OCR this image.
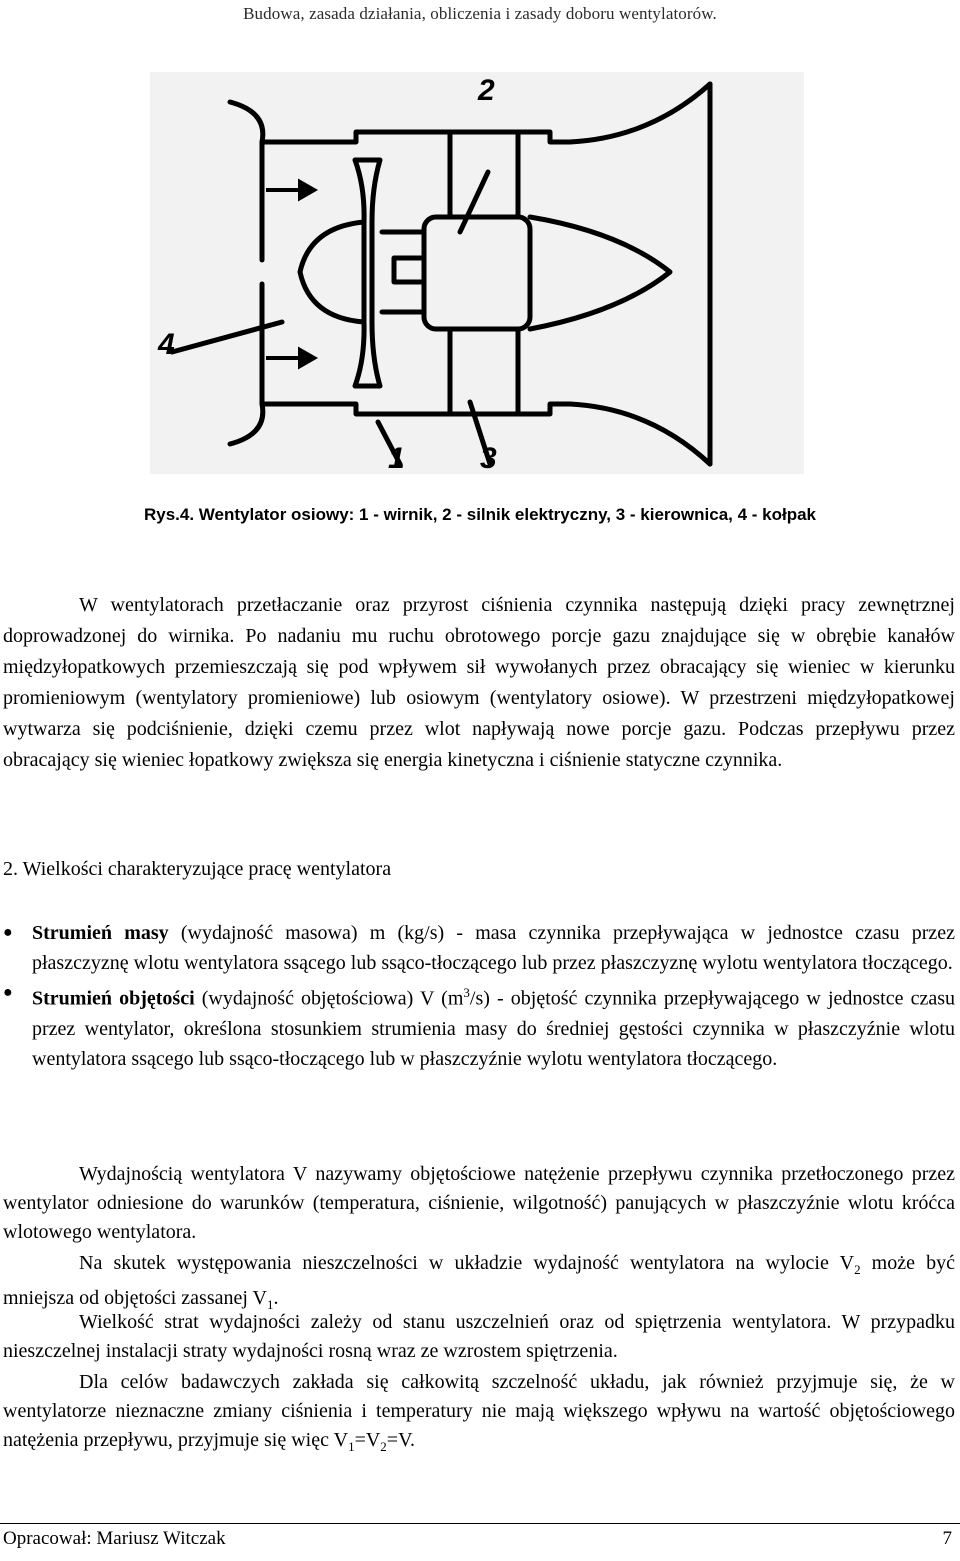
Budowa, zasada działania, obliczenia i zasady doboru wentylatorów.
2
4
1	3
Rys.4. Wentylator osiowy: 1 - wirnik, 2 - silnik elektryczny, 3 - kierownica, 4 - kołpak
W wentylatorach przetłaczanie oraz przyrost ciśnienia czynnika następują dzięki pracy zewnętrznej doprowadzonej do wirnika. Po nadaniu mu ruchu obrotowego porcje gazu znajdujące się w obrębie kanałów międzyłopatkowych przemieszczają się pod wpływem sił wywołanych przez obracający się wieniec w kierunku promieniowym (wentylatory promieniowe) lub osiowym (wentylatory osiowe). W przestrzeni międzyłopatkowej wytwarza się podciśnienie, dzięki czemu przez wlot napływają nowe porcje gazu. Podczas przepływu przez obracający się wieniec łopatkowy zwiększa się energia kinetyczna i ciśnienie statyczne czynnika.
2. Wielkości charakteryzujące pracę wentylatora
● Strumień masy (wydajność masowa) m (kg/s) - masa czynnika przepływająca w jednostce czasu przez płaszczyznę wlotu wentylatora ssącego lub ssąco-tłoczącego lub przez płaszczyznę wylotu wentylatora tłoczącego.
● Strumień objętości (wydajność objętościowa) V $(m^3/s)$ - objętość czynnika przepływającego w jednostce czasu przez wentylator, określona stosunkiem strumienia masy do średniej gęstości czynnika w płaszczyźnie wlotu wentylatora ssącego lub ssąco-tłoczącego lub w płaszczyźnie wylotu wentylatora tłoczącego.
Wydajnością wentylatora V nazywamy objętościowe natężenie przepływu czynnika przetłoczonego przez wentylator odniesione do warunków (temperatura, ciśnienie, wilgotność) panujących w płaszczyźnie wlotu króćca wlotowego wentylatora.
Na skutek występowania nieszczelności w układzie wydajność wentylatora na wylocie $V_2$ może być mniejsza od objętości zassanej $V_1$.
Wielkość strat wydajności zależy od stanu uszczelnień oraz od spiętrzenia wentylatora. W przypadku nieszczelnej instalacji straty wydajności rosną wraz ze wzrostem spiętrzenia.
Dla celów badawczych zakłada się całkowitą szczelność układu, jak również przyjmuje się, że w wentylatorze nieznaczne zmiany ciśnienia i temperatury nie mają większego wpływu na wartość objętościowego natężenia przepływu, przyjmuje się więc $V_1=V_2=V$.
Opracował: Mariusz Witczak	7
